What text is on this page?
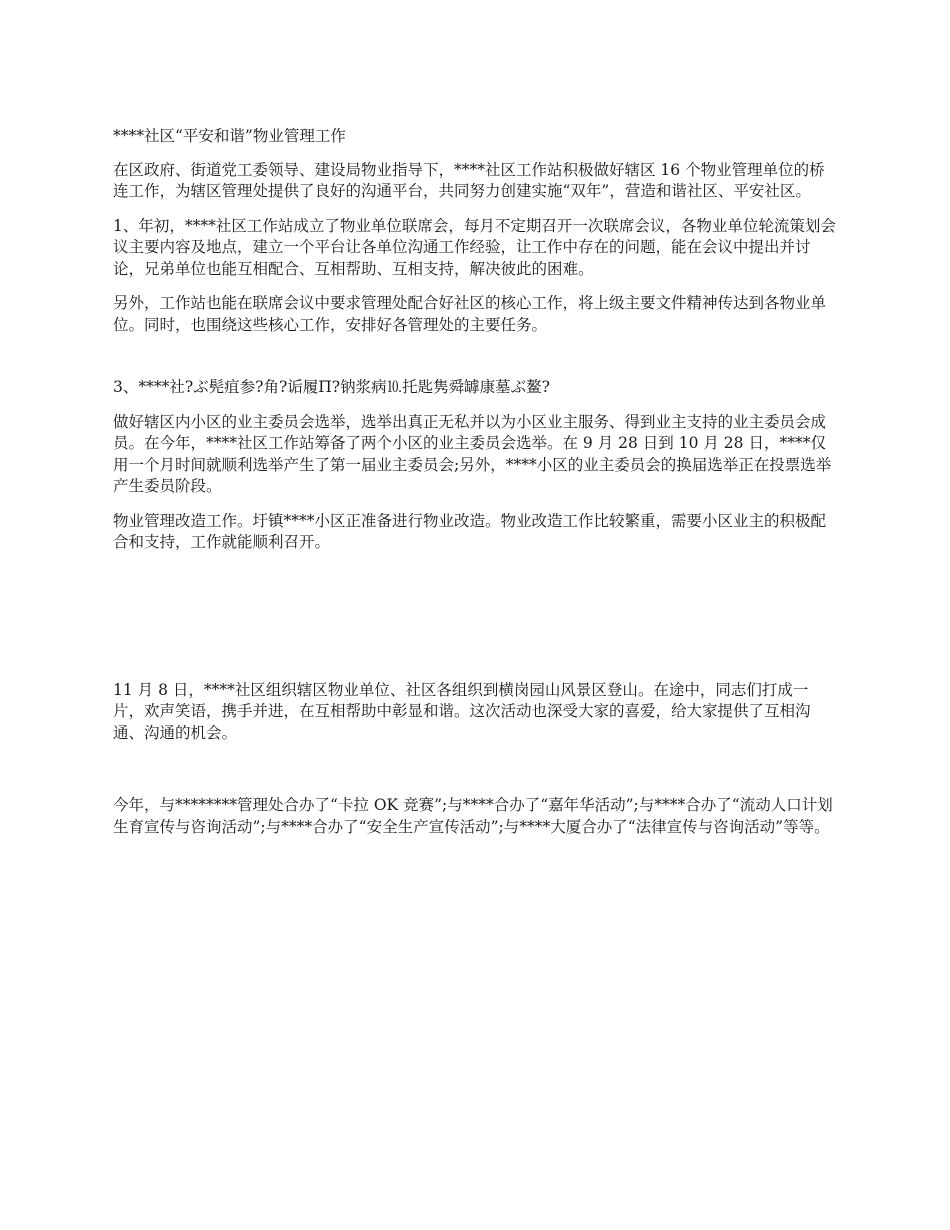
****社区“平安和谐”物业管理工作

在区政府、街道党工委领导、建设局物业指导下，****社区工作站积极做好辖区 16 个物业管理单位的桥连工作，为辖区管理处提供了良好的沟通平台，共同努力创建实施“双年”，营造和谐社区、平安社区。

1、年初，****社区工作站成立了物业单位联席会，每月不定期召开一次联席会议，各物业单位轮流策划会议主要内容及地点，建立一个平台让各单位沟通工作经验，让工作中存在的问题，能在会议中提出并讨论，兄弟单位也能互相配合、互相帮助、互相支持，解决彼此的困难。

另外，工作站也能在联席会议中要求管理处配合好社区的核心工作，将上级主要文件精神传达到各物业单位。同时，也围绕这些核心工作，安排好各管理处的主要任务。

3、****社?ぶ髡疽参?角?诟履Π?钠浆病⒑托匙隽舜罅康墓ぶ鳌?

做好辖区内小区的业主委员会选举，选举出真正无私并以为小区业主服务、得到业主支持的业主委员会成员。在今年，****社区工作站筹备了两个小区的业主委员会选举。在 9 月 28 日到 10 月 28 日，****仅用一个月时间就顺利选举产生了第一届业主委员会;另外，****小区的业主委员会的换届选举正在投票选举产生委员阶段。

物业管理改造工作。圩镇****小区正准备进行物业改造。物业改造工作比较繁重，需要小区业主的积极配合和支持，工作就能顺利召开。

11 月 8 日，****社区组织辖区物业单位、社区各组织到横岗园山风景区登山。在途中，同志们打成一片，欢声笑语，携手并进，在互相帮助中彰显和谐。这次活动也深受大家的喜爱，给大家提供了互相沟通、沟通的机会。

今年，与********管理处合办了“卡拉 OK 竞赛”;与****合办了“嘉年华活动”;与****合办了“流动人口计划生育宣传与咨询活动”;与****合办了“安全生产宣传活动”;与****大厦合办了“法律宣传与咨询活动”等等。
